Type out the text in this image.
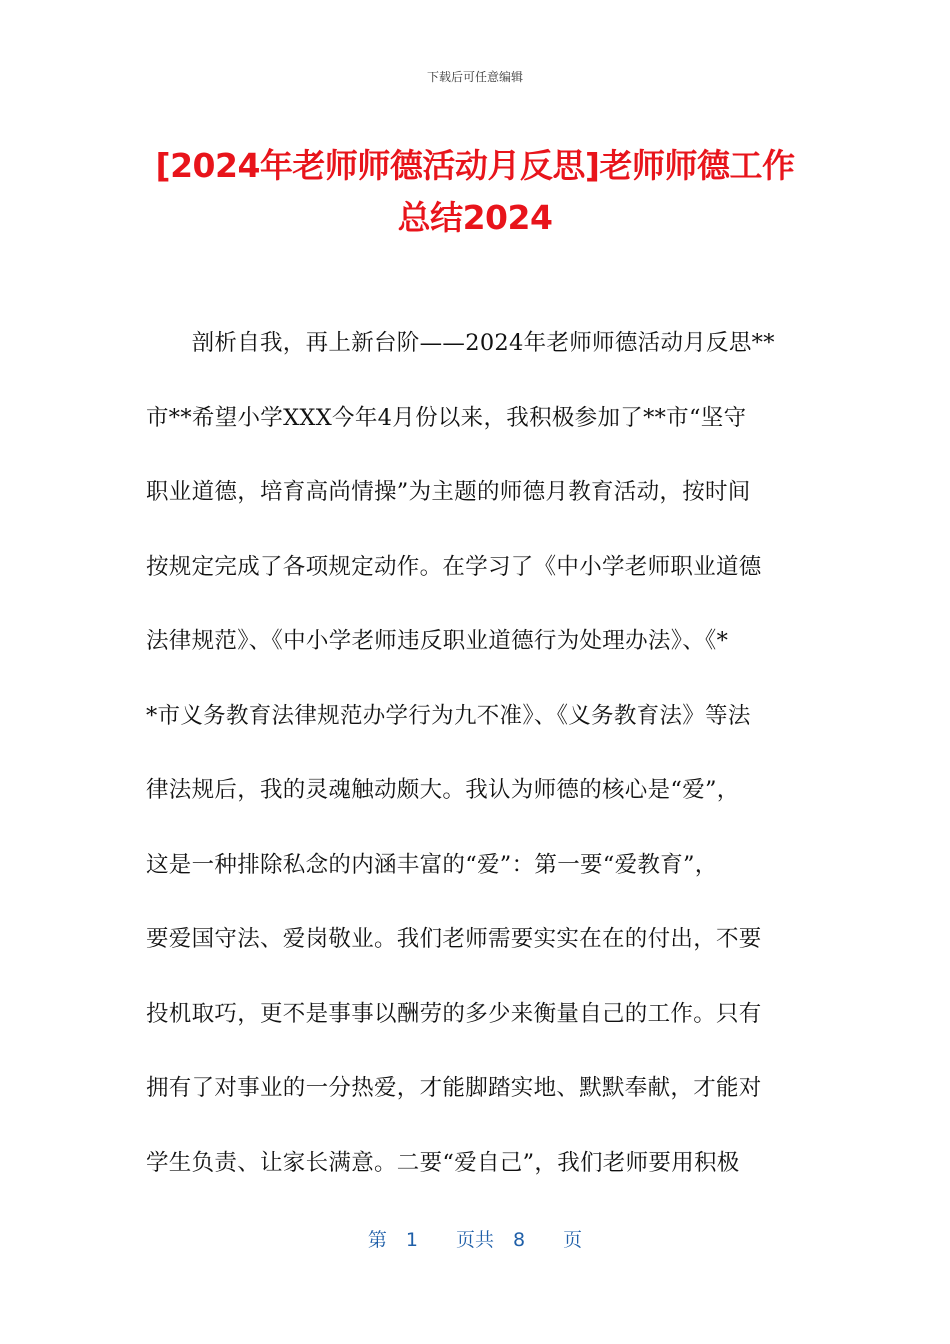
下载后可任意编辑
[2024年老师师德活动月反思]老师师德工作
总结2024
　　剖析自我，再上新台阶——2024年老师师德活动月反思**
市**希望小学XXX今年4月份以来，我积极参加了**市“坚守
职业道德，培育高尚情操”为主题的师德月教育活动，按时间
按规定完成了各项规定动作。在学习了《中小学老师职业道德
法律规范》、《中小学老师违反职业道德行为处理办法》、《*
*市义务教育法律规范办学行为九不准》、《义务教育法》等法
律法规后，我的灵魂触动颇大。我认为师德的核心是“爱”，
这是一种排除私念的内涵丰富的“爱”：第一要“爱教育”，
要爱国守法、爱岗敬业。我们老师需要实实在在的付出，不要
投机取巧，更不是事事以酬劳的多少来衡量自己的工作。只有
拥有了对事业的一分热爱，才能脚踏实地、默默奉献，才能对
学生负责、让家长满意。二要“爱自己”，我们老师要用积极
第　1　　页共　8　　页
